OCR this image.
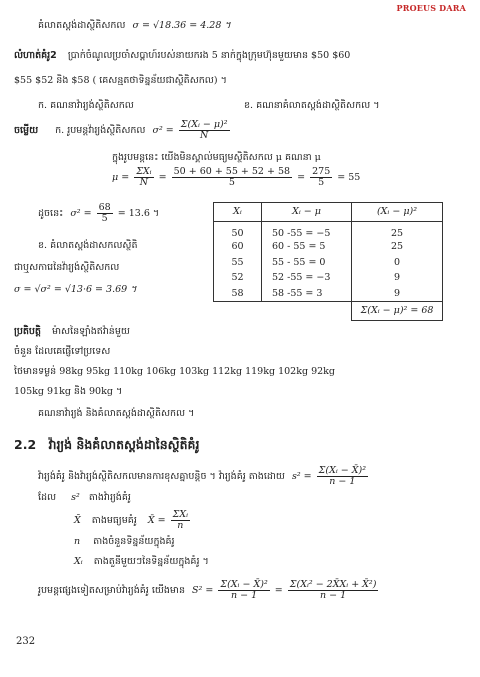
PROEUS DARA
គំលាតស្តង់ដាស្ថិតិសកល σ = √18.36 = 4.28 ។
លំហាត់គំរូ2 ប្រាក់ចំណូលប្រចាំសប្តាហ៍របស់នាយករង 5 នាក់ក្នុងក្រុមហ៊ុនមួយមាន $50 $60
$55 $52 និង $58 ( គេសន្មតថាទិន្នន័យជាស្ថិតិសកល) ។
ក. គណនាវ៉ារ្យង់ស្ថិតិសកល	ខ. គណនាគំលាតស្តង់ដាស្ថិតិសកល ។
ចម្លើយ ក. រូបមន្តវ៉ារ្យង់ស្ថិតិសកល $\sigma^2 = \frac{\text{Σ(Xᵢ − μ)²}}{N}$
ក្នុងរូបមន្តនេះ យើងមិនស្គាល់មធ្យមស្ថិតិសកល μ គណនា μ
$\mu = \frac{\text{ΣXᵢ}}{N} = \frac{50 + 60 + 55 + 52 + 58}{5} = \frac{275}{5} = 55$
ដូចនេះ $\sigma^2 = \frac{68}{5} = 13.6$ ។
ខ. គំលាតស្តង់ដាសកលស្ថិតិ
ជាឬសការេនៃវ៉ារ្យង់ស្ថិតិសកល
σ = √σ² = √13·6 = 3.69 ។
Xᵢ	Xᵢ − μ	(Xᵢ − μ)²
50	50 -55 = −5	25
60	60 - 55 = 5	25
55	55 - 55 = 0	0
52	52 -55 = −3	9
58	58 -55 = 3	9
		Σ(Xᵢ − μ)² = 68
ប្រតិបត្តិ ម៉ាសនៃឡាំងឥវ៉ាន់មួយ
ចំនួន ដែលគេផ្ញើទៅប្រទេស
ថៃមានទម្ងន់ 98kg 95kg 110kg 106kg 103kg 112kg 119kg 102kg 92kg
105kg 91kg និង 90kg ។
គណនាវ៉ារ្យង់ និងគំលាតស្តង់ដាស្ថិតិសកល ។
2.2 វ៉ារ្យង់ និងគំលាតស្តង់ដានៃស្ថិតិគំរូ
វ៉ារ្យង់គំរូ និងវ៉ារ្យង់ស្ថិតិសកលមានការខុសគ្នាបន្តិច ។ វ៉ារ្យង់គំរូ តាងដោយ $s^2 = \frac{\text{Σ(Xᵢ − X̄)²}}{n - 1}$
ដែល s² តាងវ៉ារ្យង់គំរូ
X̄ តាងមធ្យមគំរូ X̄ = $\frac{\text{ΣXᵢ}}{n}$
n តាងចំនួនទិន្នន័យក្នុងគំរូ
Xᵢ តាងតួនីមួយៗនៃទិន្នន័យក្នុងគំរូ ។
រូបមន្តផ្សេងទៀតសម្រាប់វ៉ារ្យង់គំរូ យើងមាន $S^2 = \frac{\text{Σ(Xᵢ − X̄)²}}{n - 1} = \frac{\text{Σ(Xᵢ² − 2X̄Xᵢ + X̄²)}}{n - 1}$
232
